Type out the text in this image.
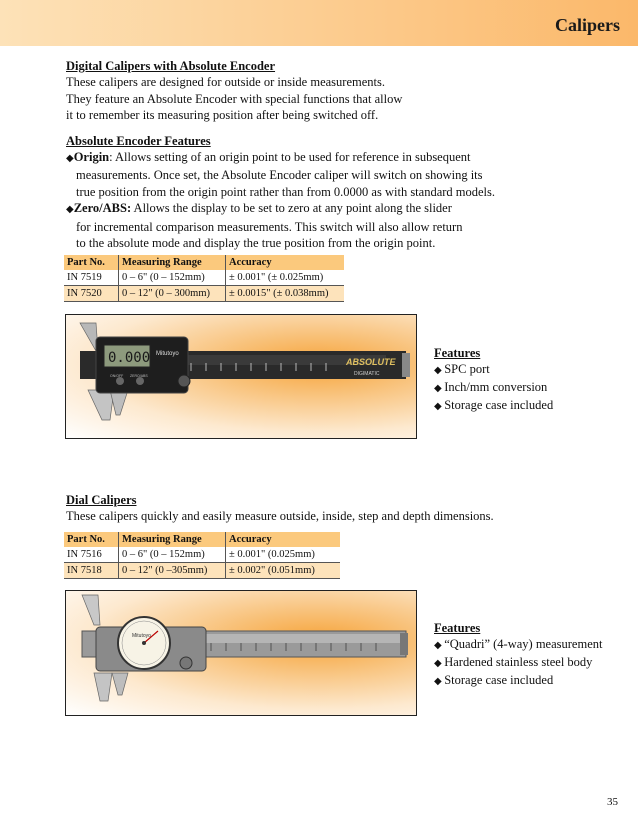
Calipers
Digital Calipers with Absolute Encoder
These calipers are designed for outside or inside measurements.
They feature an Absolute Encoder with special functions that allow
it to remember its measuring position after being switched off.
Absolute Encoder Features
◆Origin: Allows setting of an origin point to be used for reference in subsequent
measurements. Once set, the Absolute Encoder caliper will switch on showing its
true position from the origin point rather than from 0.0000 as with standard models.
◆Zero/ABS: Allows the display to be set to zero at any point along the slider
for incremental comparison measurements. This switch will also allow return
to the absolute mode and display the true position from the origin point.
Part No.	Measuring Range	Accuracy
IN 7519	0 – 6" (0 – 152mm)	± 0.001" (± 0.025mm)
IN 7520	0 – 12" (0 – 300mm)	± 0.0015" (± 0.038mm)
ABSOLUTE
DIGIMATIC
0.000 Mitutoyo
ON/OFF ZERO/ABS
Features
◆ SPC port
◆ Inch/mm conversion
◆ Storage case included
Dial Calipers
These calipers quickly and easily measure outside, inside, step and depth dimensions.
Part No.	Measuring Range	Accuracy
IN 7516	0 – 6" (0 – 152mm)	± 0.001" (0.025mm)
IN 7518	0 – 12" (0 –305mm)	± 0.002" (0.051mm)
Mitutoyo
Features
◆ “Quadri” (4-way) measurement
◆ Hardened stainless steel body
◆ Storage case included
35
